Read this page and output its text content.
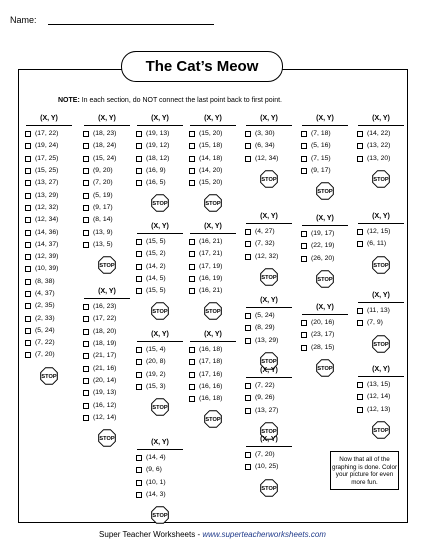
Name:
The Cat’s Meow
NOTE: In each section, do NOT connect the last point back to first point.
(X, Y)
(17, 22)
(19, 24)
(17, 25)
(15, 25)
(13, 27)
(13, 29)
(12, 32)
(12, 34)
(14, 36)
(14, 37)
(12, 39)
(10, 39)
(8, 38)
(4, 37)
(2, 35)
(2, 33)
(5, 24)
(7, 22)
(7, 20)
STOP
(X, Y)
(18, 23)
(18, 24)
(15, 24)
(9, 20)
(7, 20)
(5, 19)
(9, 17)
(8, 14)
(13, 9)
(13, 5)
STOP
(X, Y)
(16, 23)
(17, 22)
(18, 20)
(18, 19)
(21, 17)
(21, 16)
(20, 14)
(19, 13)
(16, 12)
(12, 14)
STOP
(X, Y)
(19, 13)
(19, 12)
(18, 12)
(16, 9)
(16, 5)
STOP
(X, Y)
(15, 5)
(15, 2)
(14, 2)
(14, 5)
(15, 5)
STOP
(X, Y)
(15, 4)
(20, 8)
(19, 2)
(15, 3)
STOP
(X, Y)
(14, 4)
(9, 6)
(10, 1)
(14, 3)
STOP
(X, Y)
(15, 20)
(15, 18)
(14, 18)
(14, 20)
(15, 20)
STOP
(X, Y)
(16, 21)
(17, 21)
(17, 19)
(16, 19)
(16, 21)
STOP
(X, Y)
(16, 18)
(17, 18)
(17, 16)
(16, 16)
(16, 18)
STOP
(X, Y)
(3, 30)
(6, 34)
(12, 34)
STOP
(X, Y)
(4, 27)
(7, 32)
(12, 32)
STOP
(X, Y)
(5, 24)
(8, 29)
(13, 29)
STOP
(X, Y)
(7, 22)
(9, 26)
(13, 27)
STOP
(X, Y)
(7, 20)
(10, 25)
STOP
(X, Y)
(7, 18)
(5, 16)
(7, 15)
(9, 17)
STOP
(X, Y)
(19, 17)
(22, 19)
(26, 20)
STOP
(X, Y)
(20, 16)
(23, 17)
(28, 15)
STOP
(X, Y)
(14, 22)
(13, 22)
(13, 20)
STOP
(X, Y)
(12, 15)
(6, 11)
STOP
(X, Y)
(11, 13)
(7, 9)
STOP
(X, Y)
(13, 15)
(12, 14)
(12, 13)
STOP
Now that all of the graphing is done. Color your picture for even more fun.
Super Teacher Worksheets - www.superteacherworksheets.com
